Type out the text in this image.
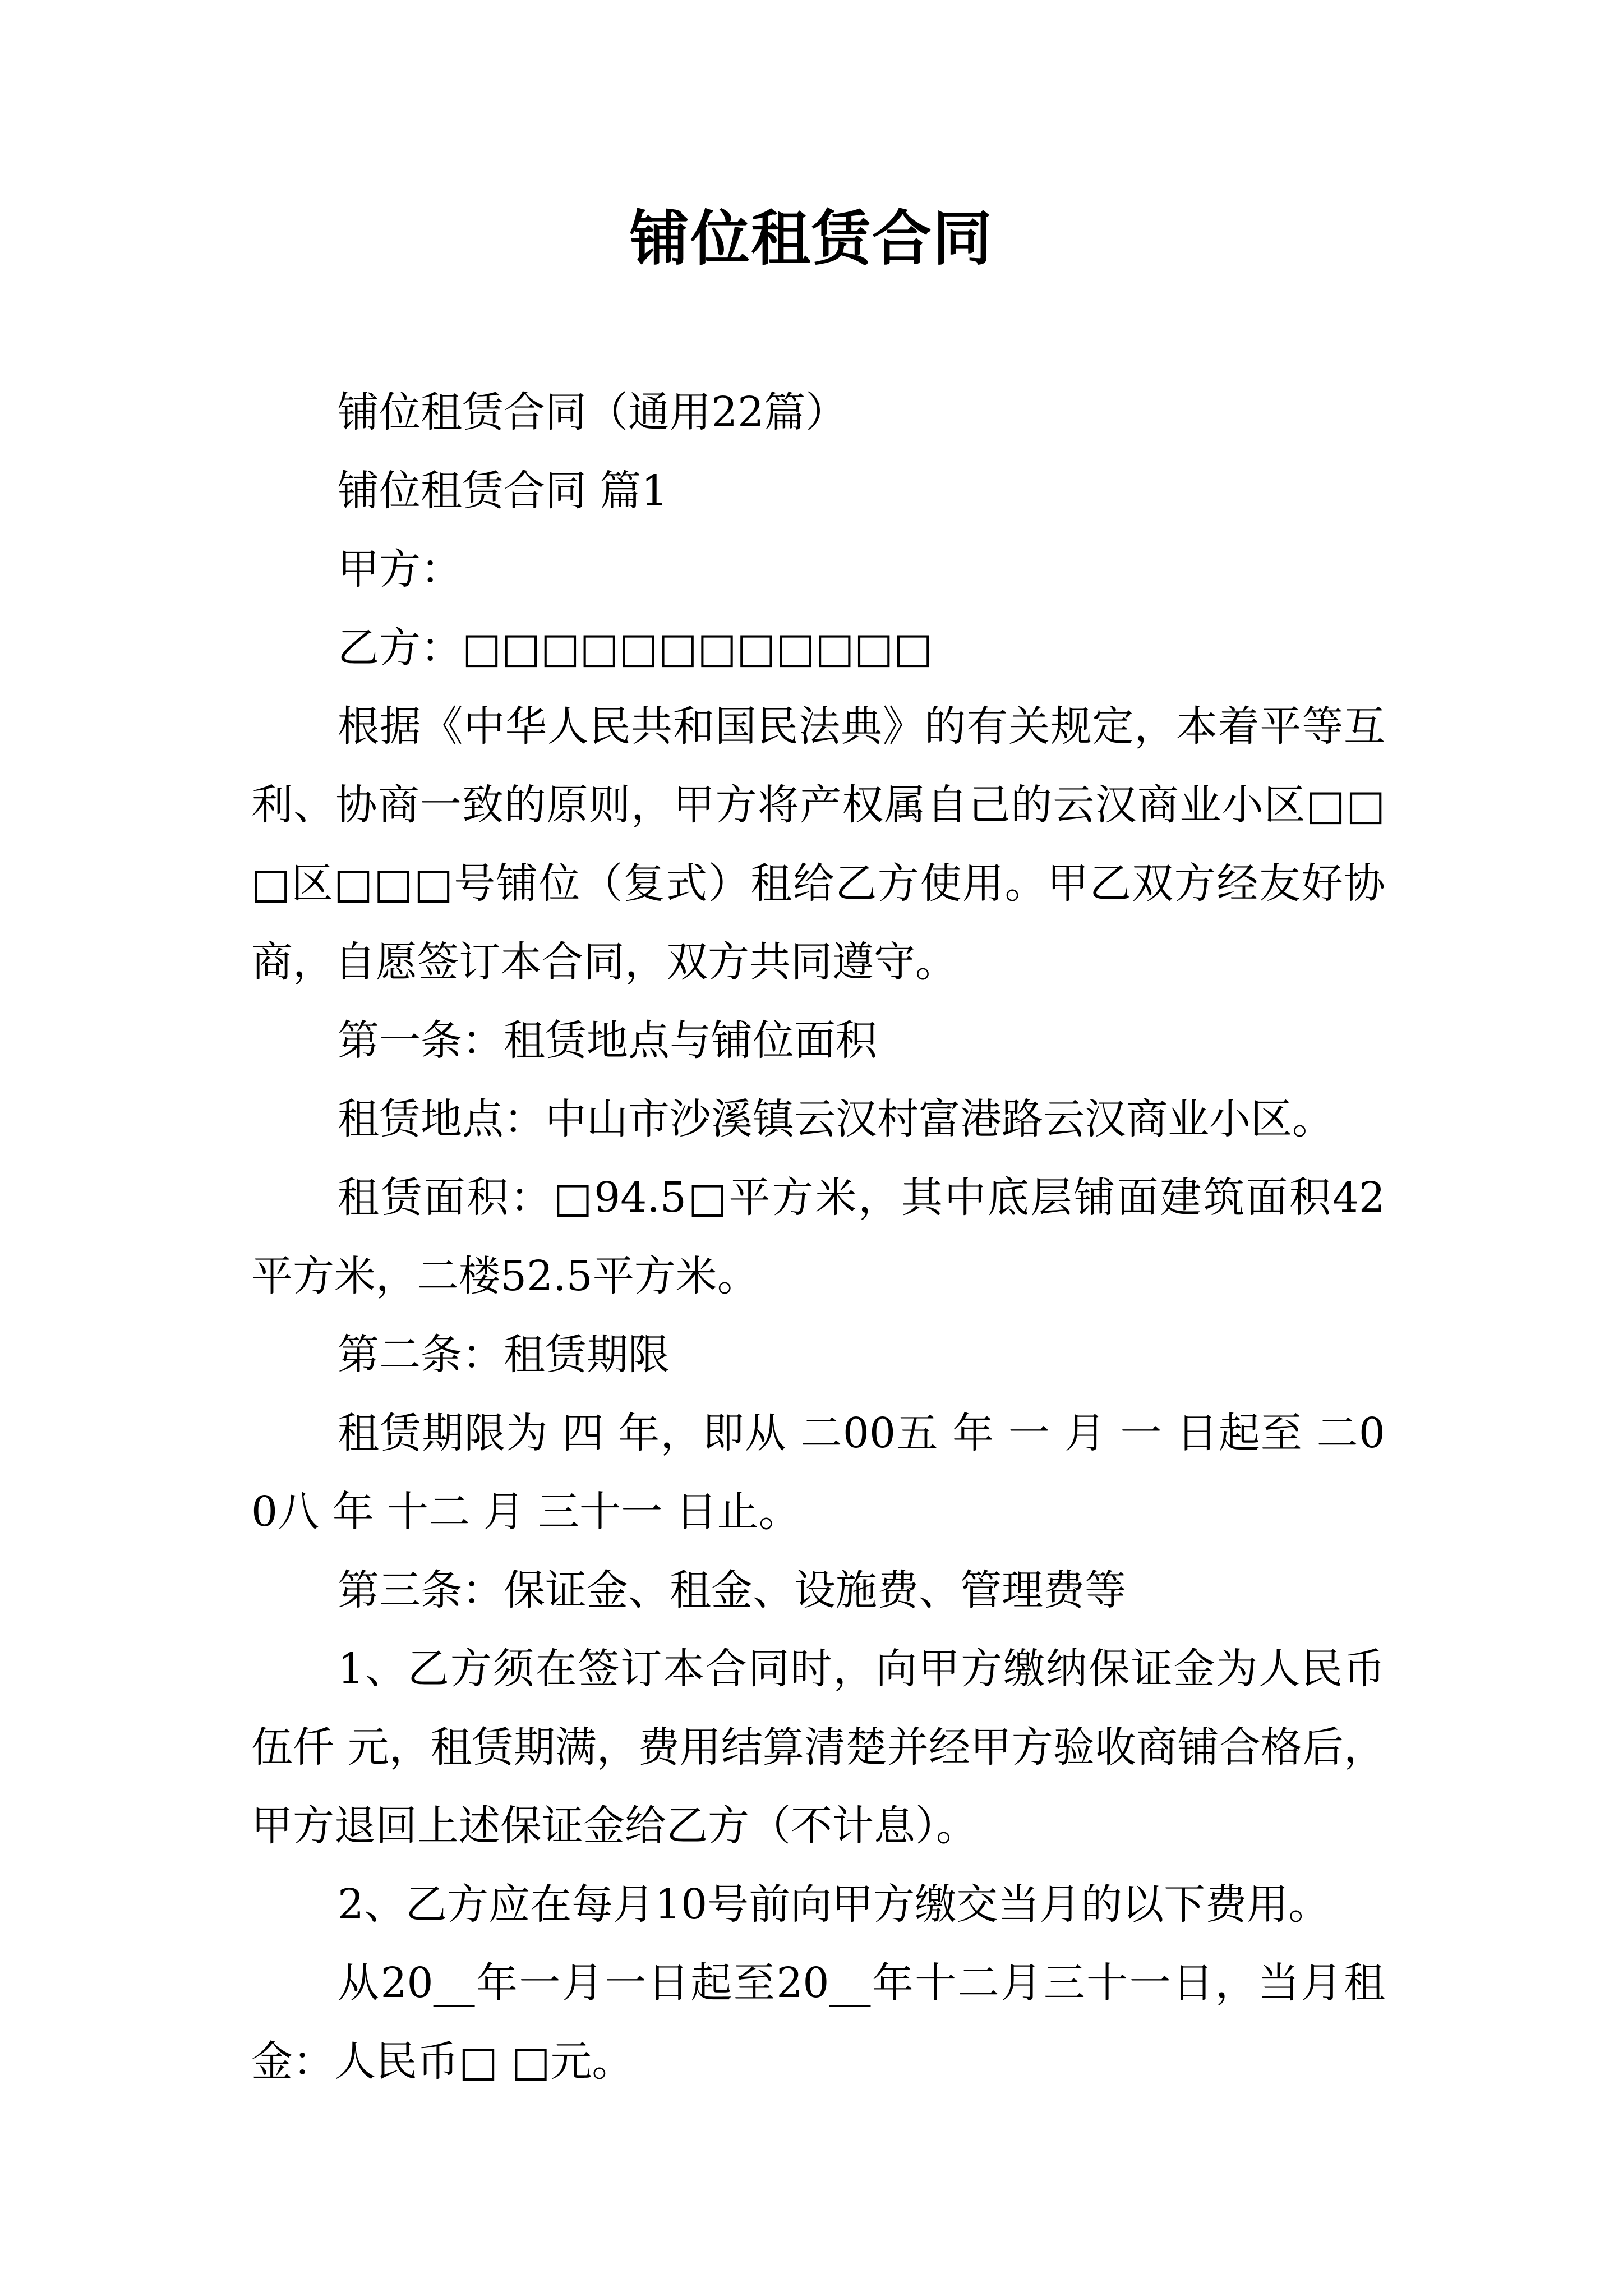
铺位租赁合同

铺位租赁合同（通用22篇）

铺位租赁合同 篇1

甲方：

乙方：□□□□□□□□□□□□

根据《中华人民共和国民法典》的有关规定，本着平等互利、协商一致的原则，甲方将产权属自己的云汉商业小区□□□区□□□号铺位（复式）租给乙方使用。甲乙双方经友好协商，自愿签订本合同，双方共同遵守。

第一条：租赁地点与铺位面积

租赁地点：中山市沙溪镇云汉村富港路云汉商业小区。

租赁面积：□94.5□平方米，其中底层铺面建筑面积42平方米，二楼52.5平方米。

第二条：租赁期限

租赁期限为 四 年，即从 二00五 年 一 月 一 日起至 二00八 年 十二 月 三十一 日止。

第三条：保证金、租金、设施费、管理费等

1、乙方须在签订本合同时，向甲方缴纳保证金为人民币 伍仟 元，租赁期满，费用结算清楚并经甲方验收商铺合格后，甲方退回上述保证金给乙方（不计息）。

2、乙方应在每月10号前向甲方缴交当月的以下费用。

从20__年一月一日起至20__年十二月三十一日，当月租金：人民币□ □元。
